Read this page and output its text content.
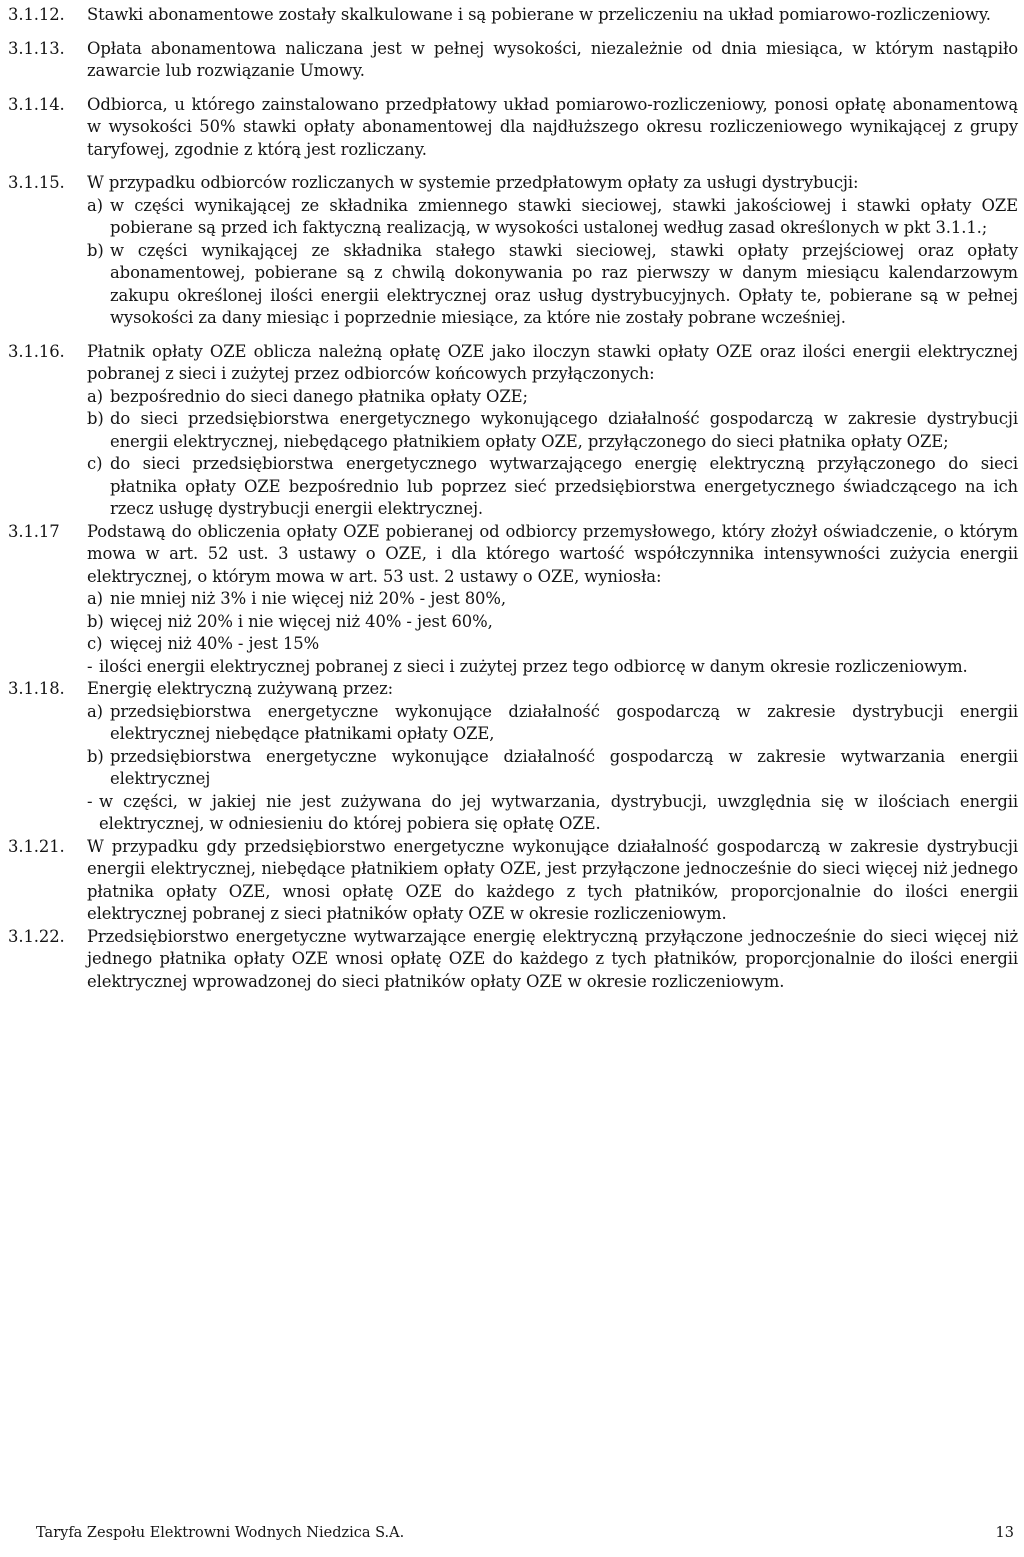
3.1.12. Stawki abonamentowe zostały skalkulowane i są pobierane w przeliczeniu na układ pomiarowo-rozliczeniowy.
3.1.13. Opłata abonamentowa naliczana jest w pełnej wysokości, niezależnie od dnia miesiąca, w którym nastąpiło zawarcie lub rozwiązanie Umowy.
3.1.14. Odbiorca, u którego zainstalowano przedpłatowy układ pomiarowo-rozliczeniowy, ponosi opłatę abonamentową w wysokości 50% stawki opłaty abonamentowej dla najdłuższego okresu rozliczeniowego wynikającej z grupy taryfowej, zgodnie z którą jest rozliczany.
3.1.15. W przypadku odbiorców rozliczanych w systemie przedpłatowym opłaty za usługi dystrybucji:
a) w części wynikającej ze składnika zmiennego stawki sieciowej, stawki jakościowej i stawki opłaty OZE pobierane są przed ich faktyczną realizacją, w wysokości ustalonej według zasad określonych w pkt 3.1.1.;
b) w części wynikającej ze składnika stałego stawki sieciowej, stawki opłaty przejściowej oraz opłaty abonamentowej, pobierane są z chwilą dokonywania po raz pierwszy w danym miesiącu kalendarzowym zakupu określonej ilości energii elektrycznej oraz usług dystrybucyjnych. Opłaty te, pobierane są w pełnej wysokości za dany miesiąc i poprzednie miesiące, za które nie zostały pobrane wcześniej.
3.1.16. Płatnik opłaty OZE oblicza należną opłatę OZE jako iloczyn stawki opłaty OZE oraz ilości energii elektrycznej pobranej z sieci i zużytej przez odbiorców końcowych przyłączonych:
a) bezpośrednio do sieci danego płatnika opłaty OZE;
b) do sieci przedsiębiorstwa energetycznego wykonującego działalność gospodarczą w zakresie dystrybucji energii elektrycznej, niebędącego płatnikiem opłaty OZE, przyłączonego do sieci płatnika opłaty OZE;
c) do sieci przedsiębiorstwa energetycznego wytwarzającego energię elektryczną przyłączonego do sieci płatnika opłaty OZE bezpośrednio lub poprzez sieć przedsiębiorstwa energetycznego świadczącego na ich rzecz usługę dystrybucji energii elektrycznej.
3.1.17 Podstawą do obliczenia opłaty OZE pobieranej od odbiorcy przemysłowego, który złożył oświadczenie, o którym mowa w art. 52 ust. 3 ustawy o OZE, i dla którego wartość współczynnika intensywności zużycia energii elektrycznej, o którym mowa w art. 53 ust. 2 ustawy o OZE, wyniosła:
a) nie mniej niż 3% i nie więcej niż 20% - jest 80%,
b) więcej niż 20% i nie więcej niż 40% - jest 60%,
c) więcej niż 40% - jest 15%
- ilości energii elektrycznej pobranej z sieci i zużytej przez tego odbiorcę w danym okresie rozliczeniowym.
3.1.18. Energię elektryczną zużywaną przez:
a) przedsiębiorstwa energetyczne wykonujące działalność gospodarczą w zakresie dystrybucji energii elektrycznej niebędące płatnikami opłaty OZE,
b) przedsiębiorstwa energetyczne wykonujące działalność gospodarczą w zakresie wytwarzania energii elektrycznej
- w części, w jakiej nie jest zużywana do jej wytwarzania, dystrybucji, uwzględnia się w ilościach energii elektrycznej, w odniesieniu do której pobiera się opłatę OZE.
3.1.21. W przypadku gdy przedsiębiorstwo energetyczne wykonujące działalność gospodarczą w zakresie dystrybucji energii elektrycznej, niebędące płatnikiem opłaty OZE, jest przyłączone jednocześnie do sieci więcej niż jednego płatnika opłaty OZE, wnosi opłatę OZE do każdego z tych płatników, proporcjonalnie do ilości energii elektrycznej pobranej z sieci płatników opłaty OZE w okresie rozliczeniowym.
3.1.22. Przedsiębiorstwo energetyczne wytwarzające energię elektryczną przyłączone jednocześnie do sieci więcej niż jednego płatnika opłaty OZE wnosi opłatę OZE do każdego z tych płatników, proporcjonalnie do ilości energii elektrycznej wprowadzonej do sieci płatników opłaty OZE w okresie rozliczeniowym.
Taryfa Zespołu Elektrowni Wodnych Niedzica S.A.	13
